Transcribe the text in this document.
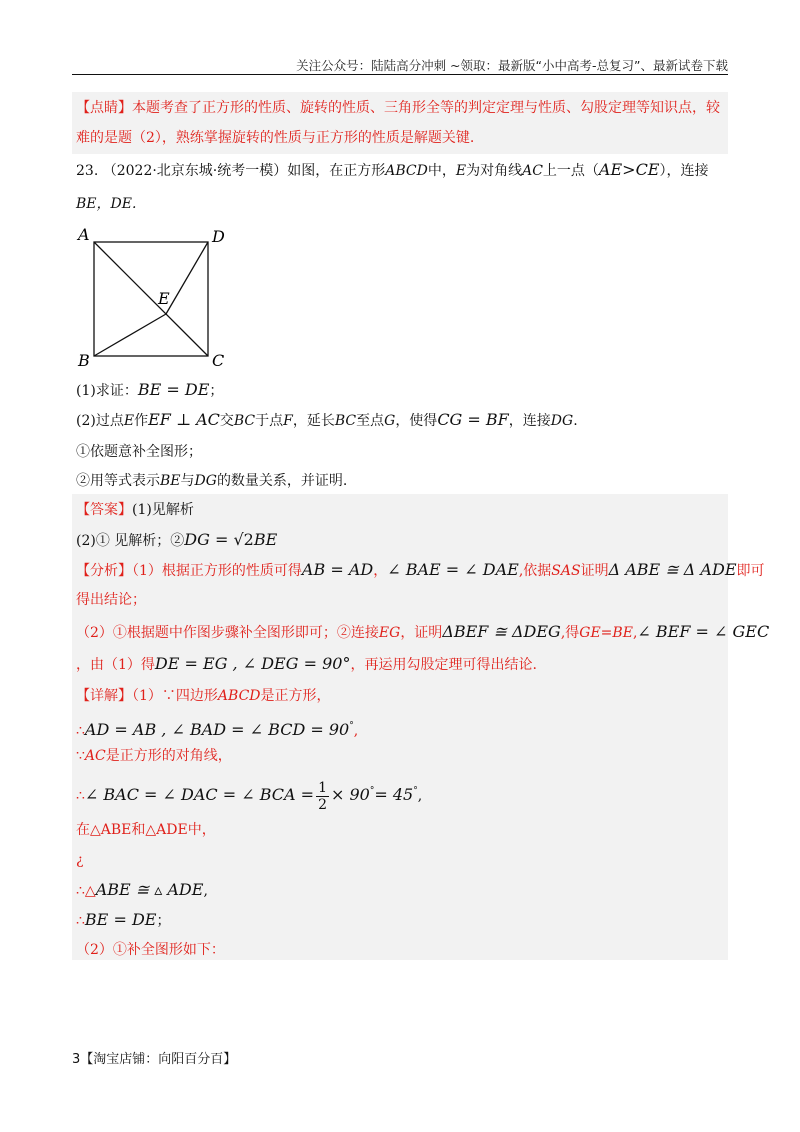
关注公众号：陆陆高分冲刺 ~领取：最新版“小中高考-总复习”、最新试卷下载
【点睛】本题考查了正方形的性质、旋转的性质、三角形全等的判定定理与性质、勾股定理等知识点，较
难的是题（2），熟练掌握旋转的性质与正方形的性质是解题关键.
23. （2022·北京东城·统考一模）如图，在正方形ABCD中，E为对角线AC上一点（AE>CE），连接
BE，DE.
A	D
E
B	C
(1)求证：BE = DE；
(2)过点E作EF ⊥ AC交BC于点F，延长BC至点G，使得CG = BF，连接DG.
①依题意补全图形；
②用等式表示BE与DG的数量关系，并证明.
【答案】(1)见解析
(2)① 见解析；②DG = √2BE
【分析】（1）根据正方形的性质可得AB = AD，∠ BAE = ∠ DAE,依据SAS证明Δ ABE ≅ Δ ADE即可
得出结论；
（2）①根据题中作图步骤补全图形即可；②连接EG，证明ΔBEF ≅ ΔDEG,得GE=BE,∠ BEF = ∠ GEC
，由（1）得DE = EG , ∠ DEG = 90°，再运用勾股定理可得出结论.
【详解】（1）∵四边形ABCD是正方形，
∴AD = AB , ∠ BAD = ∠ BCD = 90°,
∵AC是正方形的对角线，
∴∠ BAC = ∠ DAC = ∠ BCA = $\frac{1}{2} \times 90^\circ= 45^\circ$,
在△ABE和△ADE中，
¿
∴△ABE ≅ ▵ ADE,
∴BE = DE；
（2）①补全图形如下：
3【淘宝店铺：向阳百分百】
